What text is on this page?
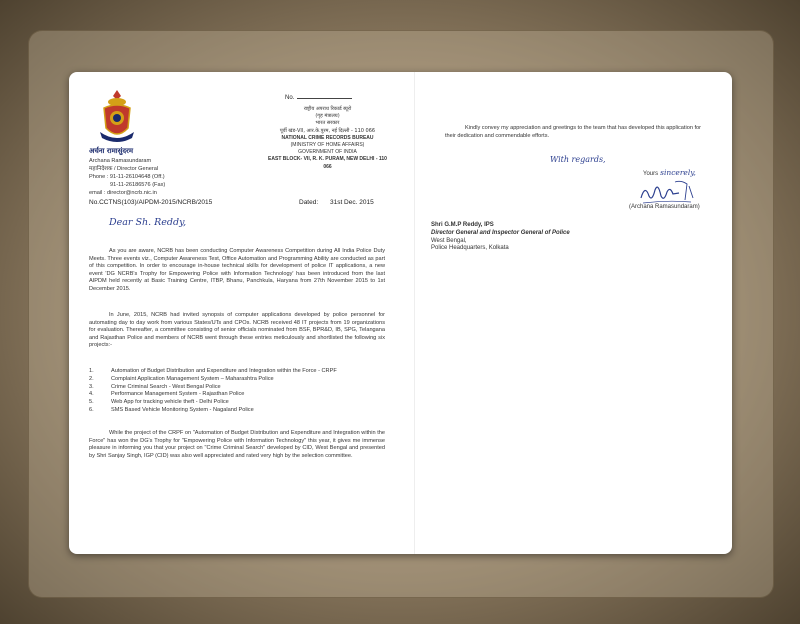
अर्चना रामासुंदरम
Archana Ramasundaram
महानिदेशक / Director General
Phone : 91-11-26104648 (Off.)
91-11-26186576 (Fax)
email : director@ncrb.nic.in
No.
राष्ट्रीय अपराध रिकार्ड ब्यूरो
(गृह मंत्रालय)
भारत सरकार
पूर्वी खंड-VII, आर.के.पुरम, नई दिल्ली - 110 066
NATIONAL CRIME RECORDS BUREAU
(MINISTRY OF HOME AFFAIRS)
GOVERNMENT OF INDIA
EAST BLOCK- VII, R. K. PURAM, NEW DELHI - 110 066
No.CCTNS(103)/AIPDM-2015/NCRB/2015	Dated: 31st Dec. 2015
Dear Sh. Reddy,
As you are aware, NCRB has been conducting Computer Awareness Competition during All India Police Duty Meets. Three events viz., Computer Awareness Test, Office Automation and Programming Ability are conducted as part of this competition. In order to encourage in-house technical skills for development of police IT applications, a new event 'DG NCRB's Trophy for Empowering Police with Information Technology' has been introduced from the last AIPDM held recently at Basic Training Centre, ITBP, Bhanu, Panchkula, Haryana from 27th November 2015 to 1st December 2015.
In June, 2015, NCRB had invited synopsis of computer applications developed by police personnel for automating day to day work from various States/UTs and CPOs. NCRB received 48 IT projects from 19 organizations for evaluation. Thereafter, a committee consisting of senior officials nominated from BSF, BPR&D, IB, SPG, Telangana and Rajasthan Police and members of NCRB went through these entries meticulously and shortlisted the following six projects:-
1.	Automation of Budget Distribution and Expenditure and Integration within the Force - CRPF
2.	Complaint Application Management System – Maharashtra Police
3.	Crime Criminal Search - West Bengal Police
4.	Performance Management System - Rajasthan Police
5.	Web App for tracking vehicle theft - Delhi Police
6.	SMS Based Vehicle Monitoring System - Nagaland Police
While the project of the CRPF on "Automation of Budget Distribution and Expenditure and Integration within the Force" has won the DG's Trophy for "Empowering Police with Information Technology" this year, it gives me immense pleasure in informing you that your project on "Crime Criminal Search" developed by CID, West Bengal and presented by Shri Sanjay Singh, IGP (CID) was also well appreciated and rated very high by the selection committee.
Kindly convey my appreciation and greetings to the team that has developed this application for their dedication and commendable efforts.
With regards,
Yours sincerely,
(Archana Ramasundaram)
Shri G.M.P Reddy, IPS
Director General and Inspector General of Police
West Bengal,
Police Headquarters, Kolkata
